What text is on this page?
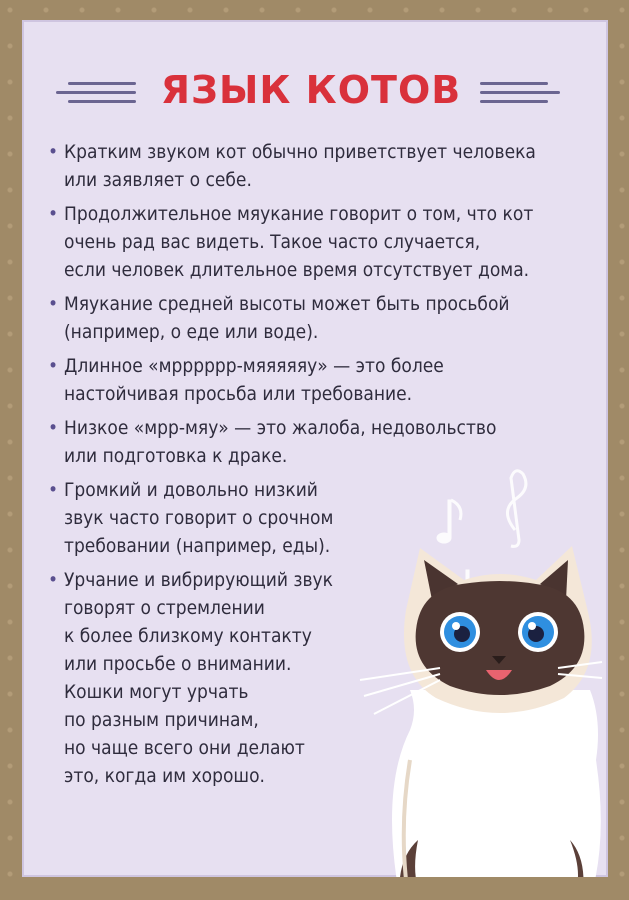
ЯЗЫК КОТОВ
• Кратким звуком кот обычно приветствует человека
или заявляет о себе.
• Продолжительное мяукание говорит о том, что кот
очень рад вас видеть. Такое часто случается,
если человек длительное время отсутствует дома.
• Мяукание средней высоты может быть просьбой
(например, о еде или воде).
• Длинное «мрррррр-мяяяяяу» — это более
настойчивая просьба или требование.
• Низкое «мрр-мяу» — это жалоба, недовольство
или подготовка к драке.
• Громкий и довольно низкий
звук часто говорит о срочном
требовании (например, еды).
• Урчание и вибрирующий звук
говорят о стремлении
к более близкому контакту
или просьбе о внимании.
Кошки могут урчать
по разным причинам,
но чаще всего они делают
это, когда им хорошо.
